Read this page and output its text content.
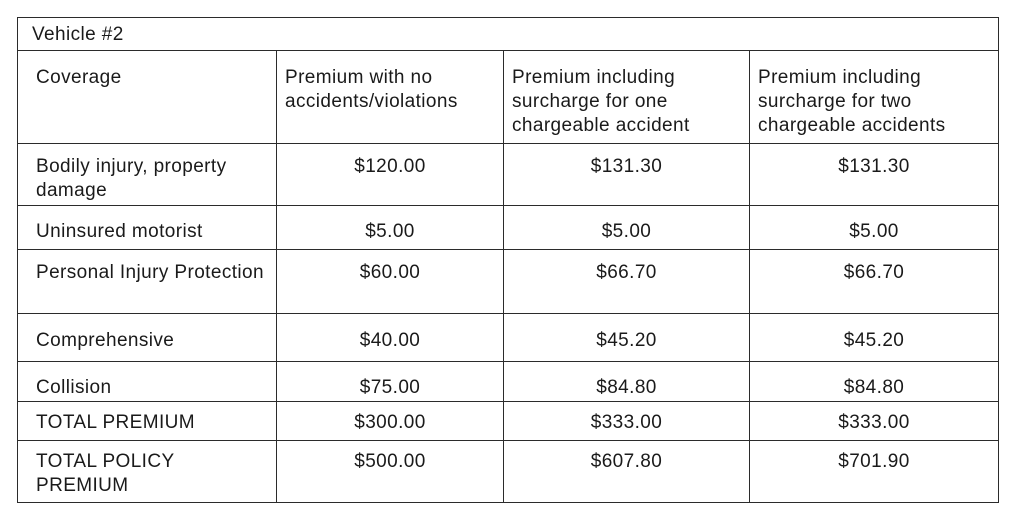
Vehicle #2			
Coverage	Premium with no accidents/violations	Premium including surcharge for one chargeable accident	Premium including surcharge for two chargeable accidents
Bodily injury, property damage	$120.00	$131.30	$131.30
Uninsured motorist	$5.00	$5.00	$5.00
Personal Injury Protection	$60.00	$66.70	$66.70
Comprehensive	$40.00	$45.20	$45.20
Collision	$75.00	$84.80	$84.80
TOTAL PREMIUM	$300.00	$333.00	$333.00
TOTAL POLICY PREMIUM	$500.00	$607.80	$701.90
